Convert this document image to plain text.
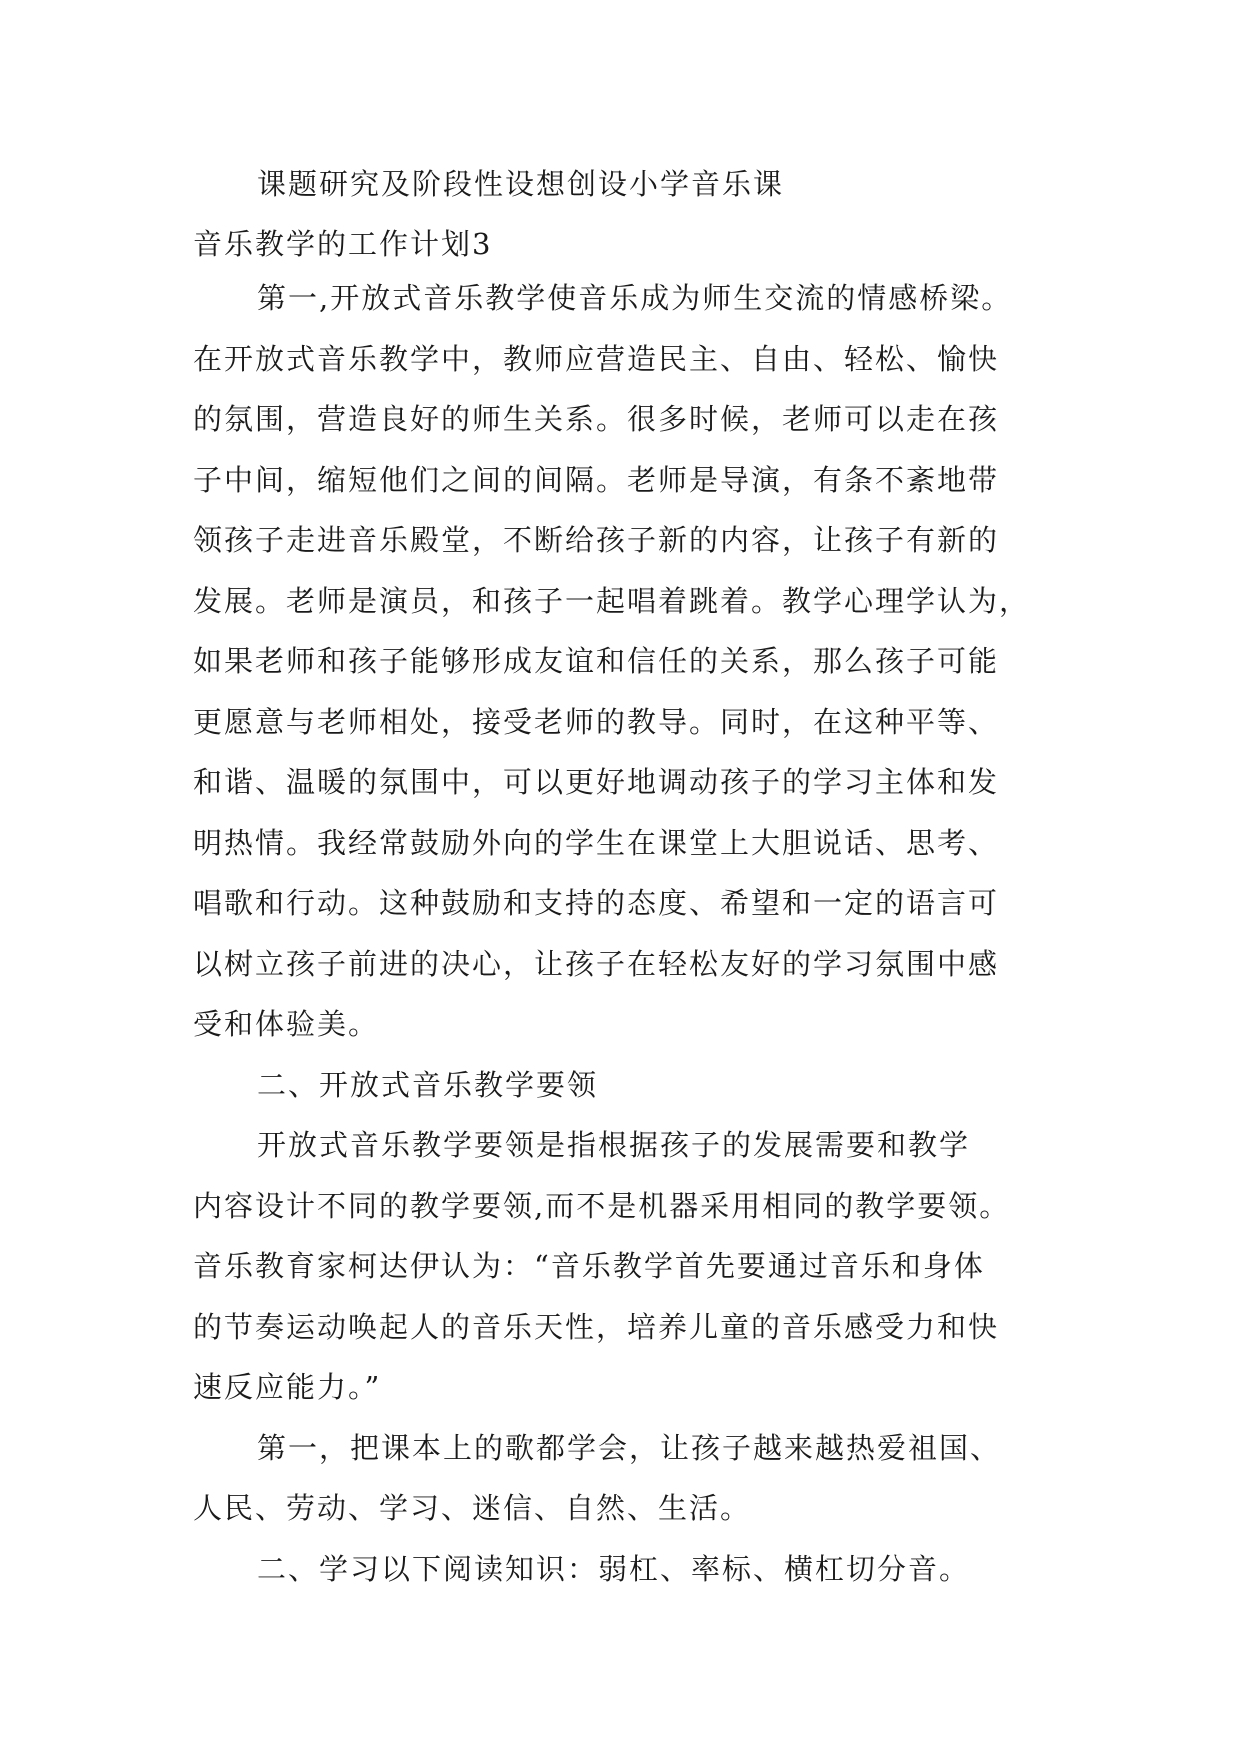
课题研究及阶段性设想创设小学音乐课
音乐教学的工作计划3
第一,开放式音乐教学使音乐成为师生交流的情感桥梁。
在开放式音乐教学中，教师应营造民主、自由、轻松、愉快
的氛围，营造良好的师生关系。很多时候，老师可以走在孩
子中间，缩短他们之间的间隔。老师是导演，有条不紊地带
领孩子走进音乐殿堂，不断给孩子新的内容，让孩子有新的
发展。老师是演员，和孩子一起唱着跳着。教学心理学认为，
如果老师和孩子能够形成友谊和信任的关系，那么孩子可能
更愿意与老师相处，接受老师的教导。同时，在这种平等、
和谐、温暖的氛围中，可以更好地调动孩子的学习主体和发
明热情。我经常鼓励外向的学生在课堂上大胆说话、思考、
唱歌和行动。这种鼓励和支持的态度、希望和一定的语言可
以树立孩子前进的决心，让孩子在轻松友好的学习氛围中感
受和体验美。
二、开放式音乐教学要领
开放式音乐教学要领是指根据孩子的发展需要和教学
内容设计不同的教学要领,而不是机器采用相同的教学要领。
音乐教育家柯达伊认为：“音乐教学首先要通过音乐和身体
的节奏运动唤起人的音乐天性，培养儿童的音乐感受力和快
速反应能力。”
第一，把课本上的歌都学会，让孩子越来越热爱祖国、
人民、劳动、学习、迷信、自然、生活。
二、学习以下阅读知识：弱杠、率标、横杠切分音。
